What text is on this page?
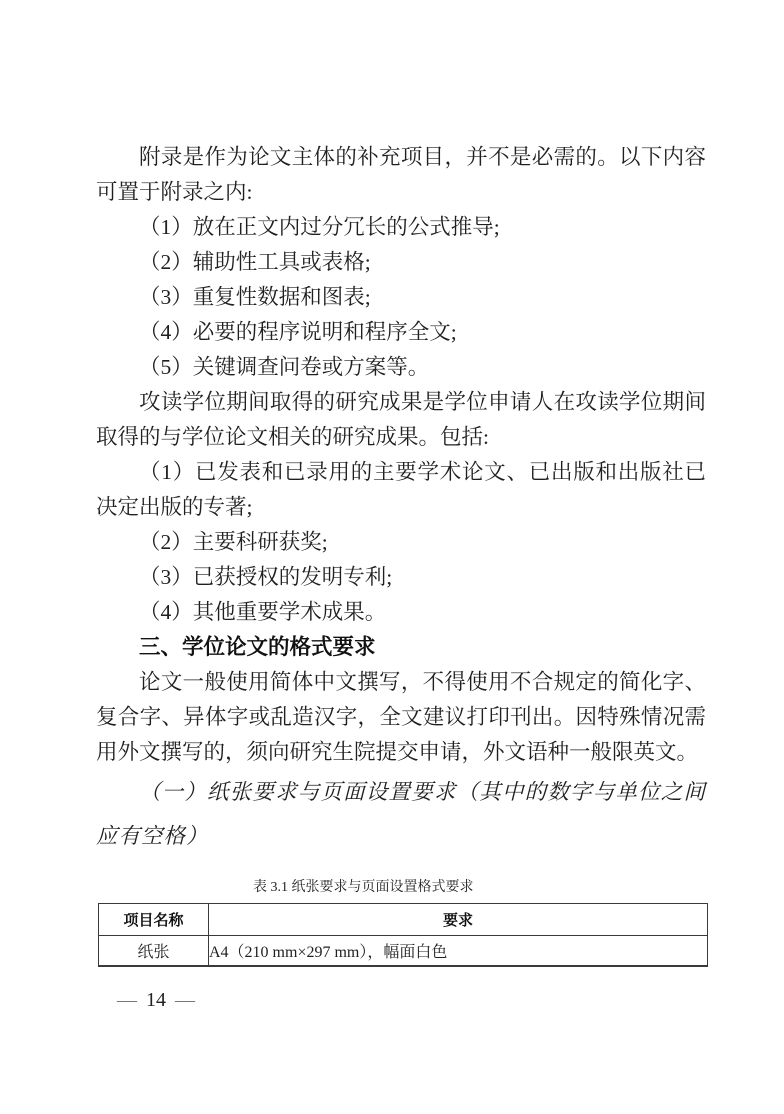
附录是作为论文主体的补充项目，并不是必需的。以下内容可置于附录之内:

（1）放在正文内过分冗长的公式推导;

（2）辅助性工具或表格;

（3）重复性数据和图表;

（4）必要的程序说明和程序全文;

（5）关键调查问卷或方案等。

攻读学位期间取得的研究成果是学位申请人在攻读学位期间取得的与学位论文相关的研究成果。包括:

（1）已发表和已录用的主要学术论文、已出版和出版社已决定出版的专著;

（2）主要科研获奖;

（3）已获授权的发明专利;

（4）其他重要学术成果。

三、学位论文的格式要求

论文一般使用简体中文撰写，不得使用不合规定的简化字、复合字、异体字或乱造汉字，全文建议打印刊出。因特殊情况需用外文撰写的，须向研究生院提交申请，外文语种一般限英文。

（一）纸张要求与页面设置要求（其中的数字与单位之间应有空格）

表 3.1 纸张要求与页面设置格式要求
项目名称	要求
纸张	A4（210 mm×297 mm），幅面白色
— 14 —
